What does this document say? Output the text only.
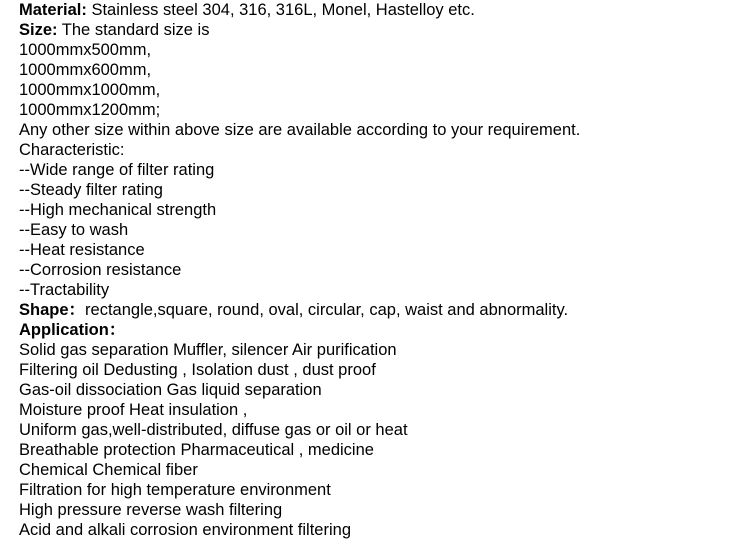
Material: Stainless steel 304, 316, 316L, Monel, Hastelloy etc.
Size: The standard size is
1000mmx500mm,
1000mmx600mm,
1000mmx1000mm,
1000mmx1200mm;
Any other size within above size are available according to your requirement.
Characteristic:
--Wide range of filter rating
--Steady filter rating
--High mechanical strength
--Easy to wash
--Heat resistance
--Corrosion resistance
--Tractability
Shape：rectangle,square, round, oval, circular, cap, waist and abnormality.
Application：
Solid gas separation Muffler, silencer Air purification
Filtering oil Dedusting , Isolation dust , dust proof
Gas-oil dissociation Gas liquid separation
Moisture proof Heat insulation ,
Uniform gas,well-distributed, diffuse gas or oil or heat
Breathable protection Pharmaceutical , medicine
Chemical Chemical fiber
Filtration for high temperature environment
High pressure reverse wash filtering
Acid and alkali corrosion environment filtering
